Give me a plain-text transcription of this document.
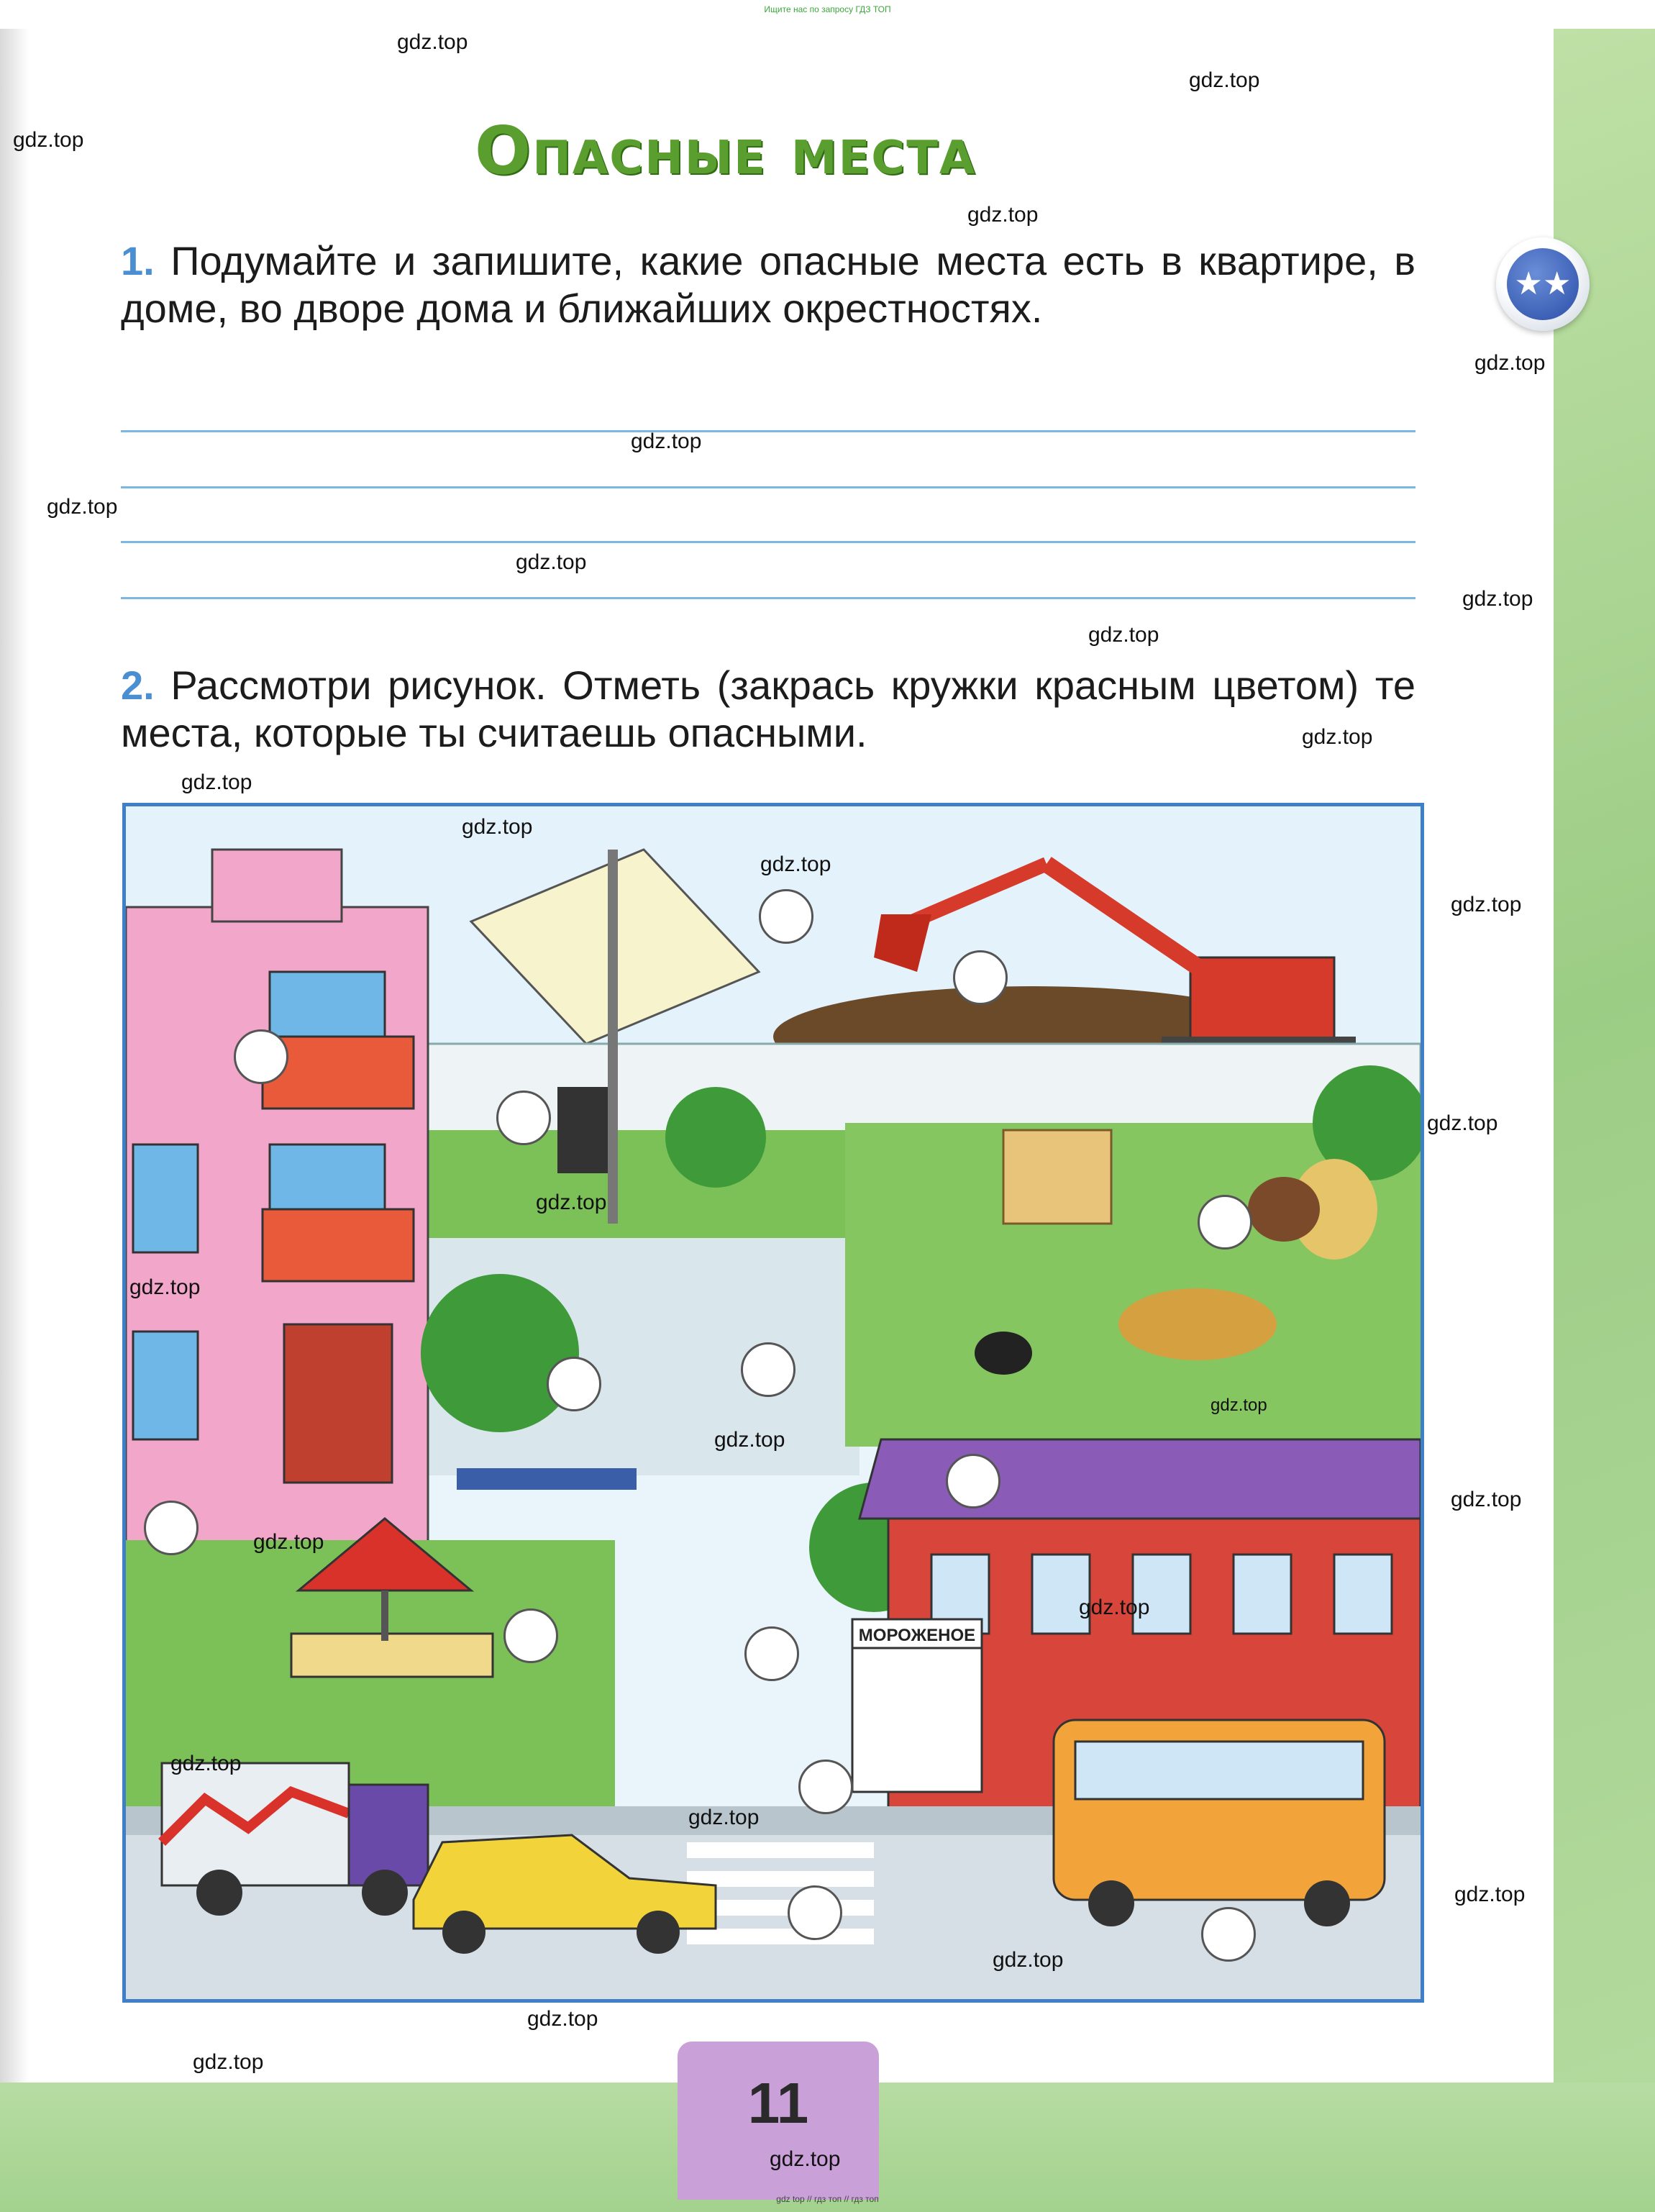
Ищите нас по запросу ГДЗ ТОП
Опасные места
★★
1. Подумайте и запишите, какие опасные места есть в квартире, в доме, во дворе дома и ближайших окрестностях.
2. Рассмотри рисунок. Отметь (закрась кружки красным цветом) те места, которые ты считаешь опасными.
МОРОЖЕНОЕ
11
gdz.top
gdz.top
gdz.top
gdz.top
gdz.top
gdz.top
gdz.top
gdz.top
gdz.top
gdz.top
gdz.top
gdz.top
gdz.top
gdz.top
gdz.top
gdz.top
gdz.top
gdz.top
gdz.top
gdz.top
gdz.top
gdz.top
gdz.top
gdz.top
gdz.top
gdz.top
gdz.top
gdz.top
gdz.top
gdz.top
gdz top // гдз топ // гдз топ
